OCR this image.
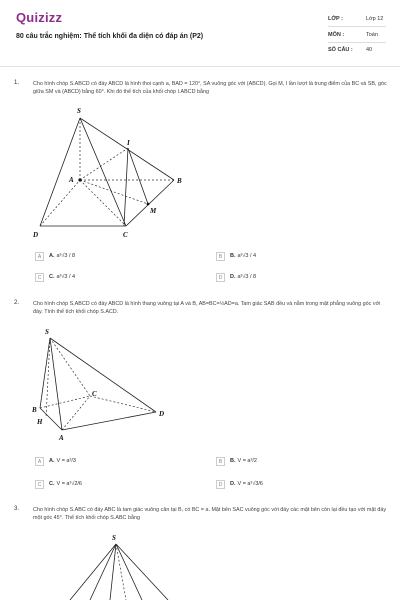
Quizizz
80 câu trắc nghiệm: Thể tích khối đa diện có đáp án (P2)
LỚP :	Lớp 12
MÔN :	Toán
SỐ CÂU : 40
1.	Cho hình chóp S.ABCD có đáy ABCD là hình thoi cạnh a, BAD = 120°, SA vuông góc với (ABCD). Gọi M, I lần lượt là trung điểm của BC và SB, góc giữa SM và (ABCD) bằng 60°. Khi đó thể tích của khối chóp I.ABCD bằng
S
I
A	B
M
D	C
A	A. a³√3 / 8	B	B. a³√3 / 4
C	C. a³√3 / 4	D	D. a³√3 / 8
2.	Cho hình chóp S.ABCD có đáy ABCD là hình thang vuông tại A và B, AB=BC=½AD=a. Tam giác SAB đều và nằm trong mặt phẳng vuông góc với đáy. Tính thể tích khối chóp S.ACD.
S
C
B	D
H
A
A	A. V = a³/3	B	B. V = a³/2
C	C. V = a³√2/6	D	D. V = a³√3/6
3.	Cho hình chóp S.ABC có đáy ABC là tam giác vuông cân tại B, có BC = a. Mặt bên SAC vuông góc với đáy các mặt bên còn lại đều tạo với mặt đáy một góc 45°. Thể tích khối chóp S.ABC bằng
S
